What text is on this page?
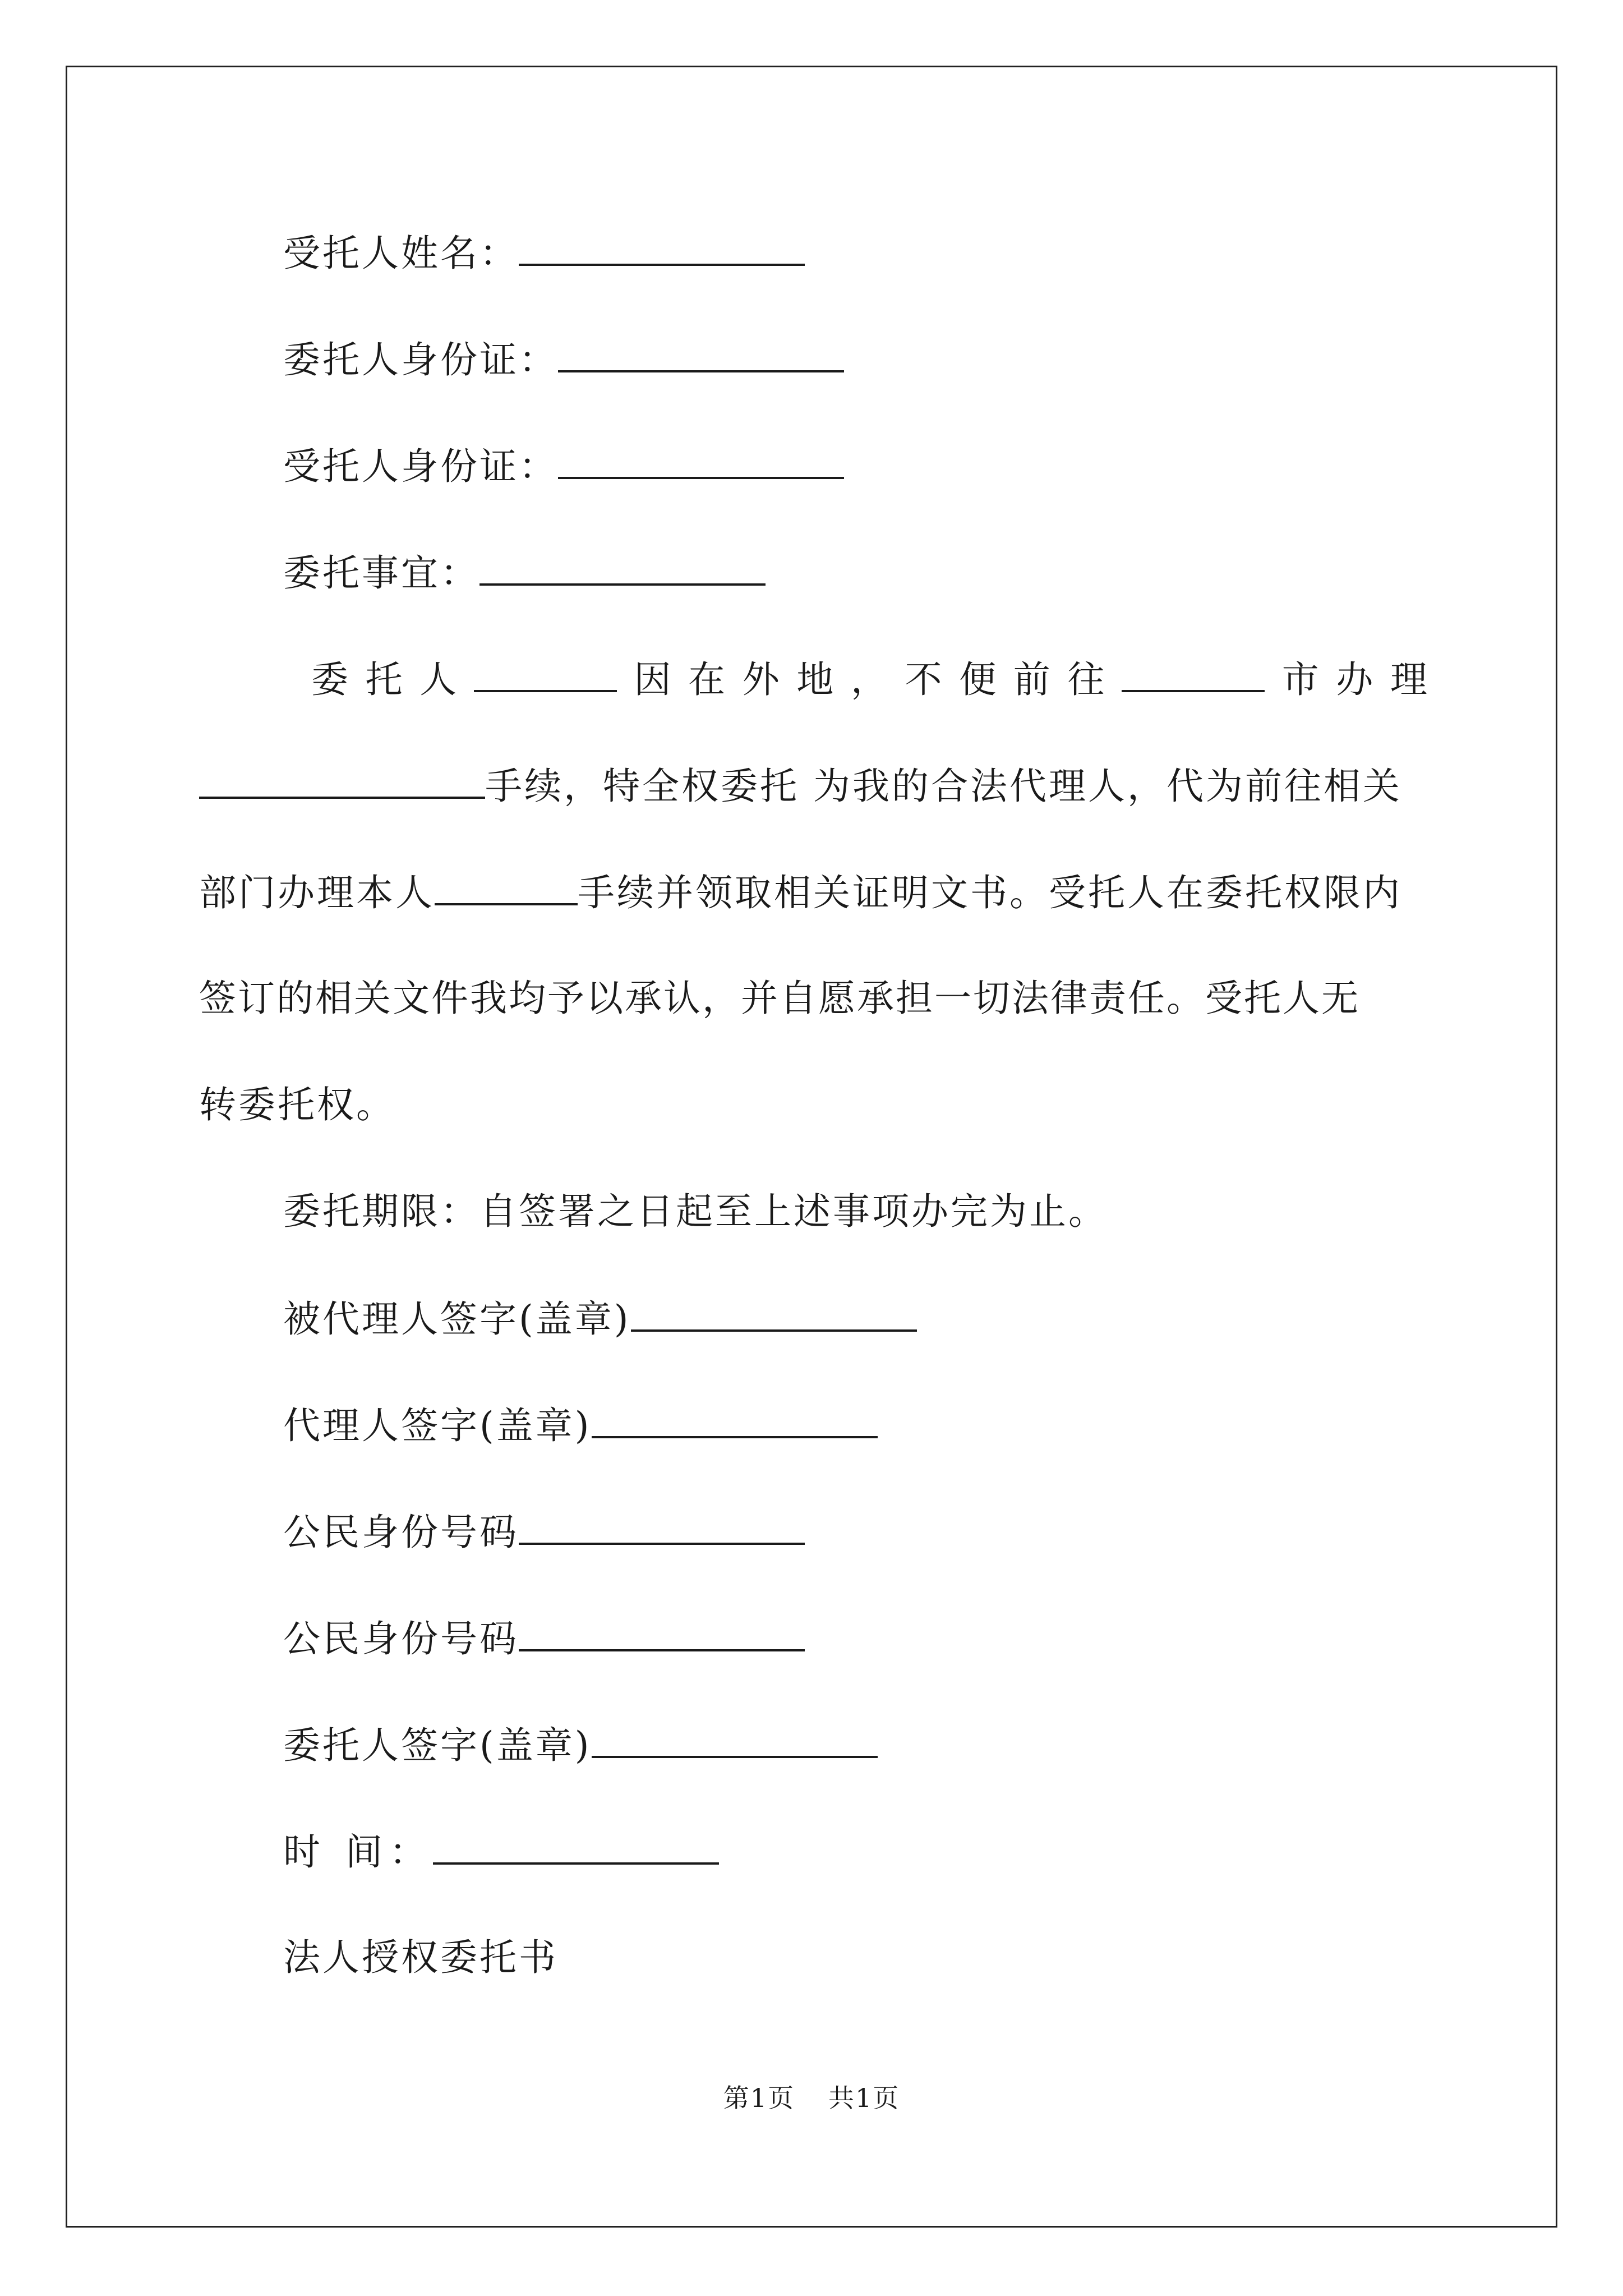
受托人姓名：
委托人身份证：
受托人身份证：
委托事宜：
委 托 人	因 在 外 地 ， 不 便 前 往	市 办 理
手续，特全权委托 为我的合法代理人，代为前往相关
部门办理本人	手续并领取相关证明文书。受托人在委托权限内
签订的相关文件我均予以承认，并自愿承担一切法律责任。受托人无
转委托权。
委托期限：自签署之日起至上述事项办完为止。
被代理人签字(盖章)
代理人签字(盖章)
公民身份号码
公民身份号码
委托人签字(盖章)
时 间：
法人授权委托书
第1页 共1页
